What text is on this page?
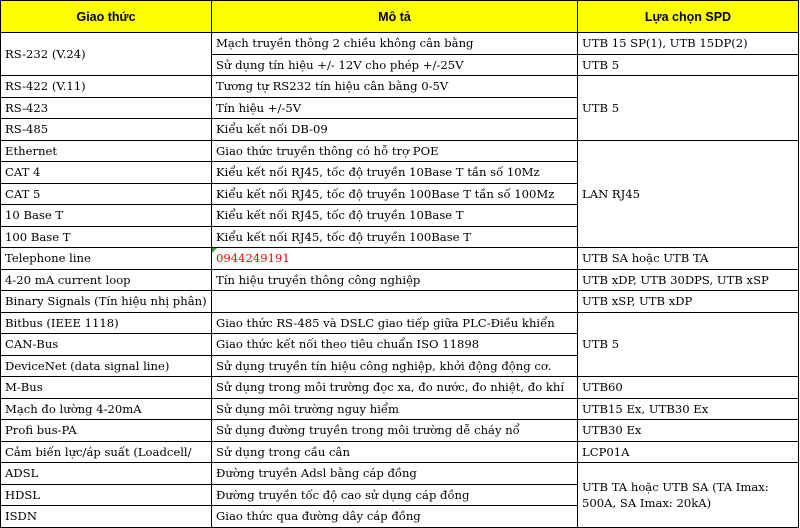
Giao thức	Mô tả	Lựa chọn SPD
RS-232 (V.24)	Mạch truyền thông 2 chiều không cân bằng	UTB 15 SP(1), UTB 15DP(2)
	Sử dụng tín hiệu +/- 12V cho phép +/-25V	UTB 5
RS-422 (V.11)	Tương tự RS232 tín hiệu cân bằng 0-5V	UTB 5
RS-423	Tín hiệu +/-5V	
RS-485	Kiểu kết nối DB-09	
Ethernet	Giao thức truyền thông có hỗ trợ POE	LAN RJ45
CAT 4	Kiểu kết nối RJ45, tốc độ truyền 10Base T tần số 10Mz	
CAT 5	Kiểu kết nối RJ45, tốc độ truyền 100Base T tần số 100Mz	
10 Base T	Kiểu kết nối RJ45, tốc độ truyền 10Base T	
100 Base T	Kiểu kết nối RJ45, tốc độ truyền 100Base T	
Telephone line	0944249191	UTB SA hoặc UTB TA
4-20 mA current loop	Tín hiệu truyền thông công nghiệp	UTB xDP, UTB 30DPS, UTB xSP
Binary Signals (Tín hiệu nhị phân)		UTB xSP, UTB xDP
Bitbus (IEEE 1118)	Giao thức RS-485 và DSLC giao tiếp giữa PLC-Điều khiển	UTB 5
CAN-Bus	Giao thức kết nối theo tiêu chuẩn ISO 11898	
DeviceNet (data signal line)	Sử dụng truyền tín hiệu công nghiệp, khởi động động cơ.	
M-Bus	Sử dụng trong môi trường đọc xa, đo nước, đo nhiệt, đo khí	UTB60
Mạch đo lường 4-20mA	Sử dụng môi trường nguy hiểm	UTB15 Ex, UTB30 Ex
Profi bus-PA	Sử dụng đường truyền trong môi trường dễ cháy nổ	UTB30 Ex
Cảm biến lực/áp suất (Loadcell/	Sử dụng trong cầu cân	LCP01A
ADSL	Đường truyền Adsl bằng cáp đồng	UTB TA hoặc UTB SA (TA Imax: 500A, SA Imax: 20kA)
HDSL	Đường truyền tốc độ cao sử dụng cáp đồng	
ISDN	Giao thức qua đường dây cáp đồng	
